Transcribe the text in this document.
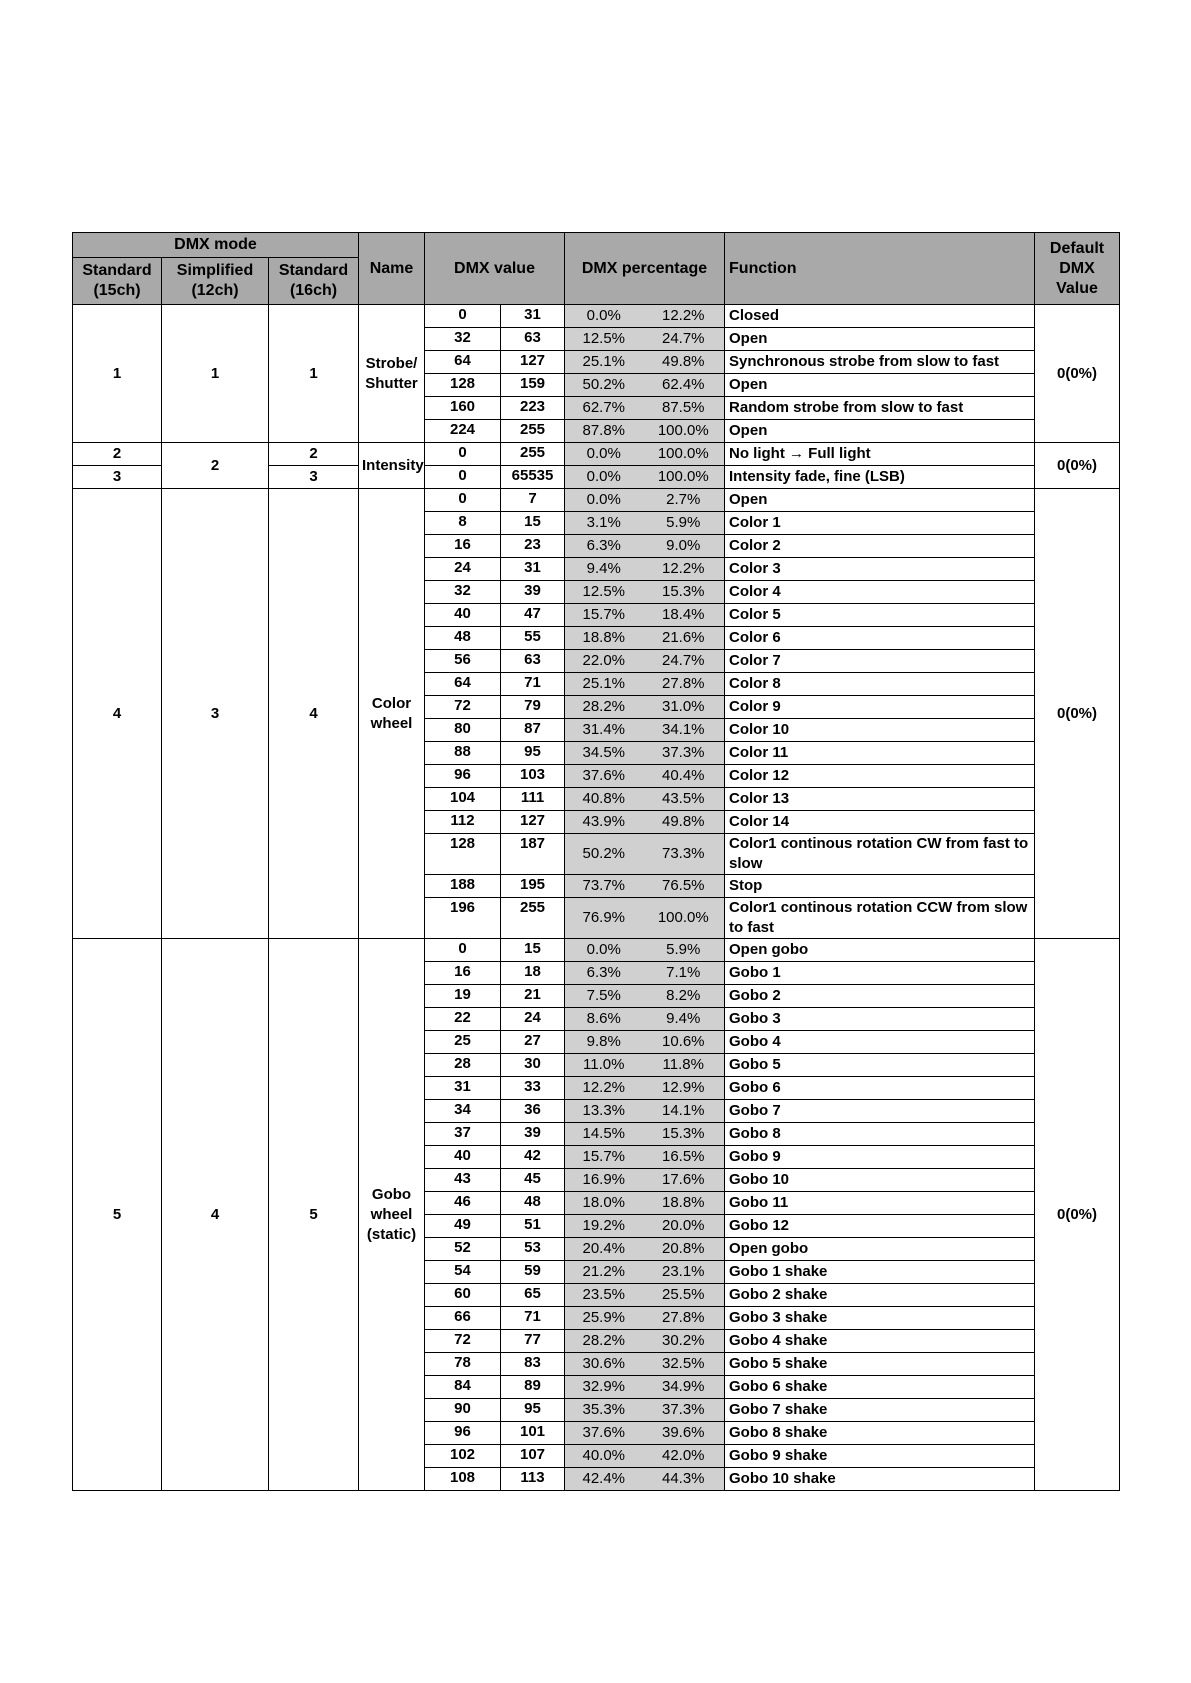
DMX mode			Name	DMX value		DMX percentage		Function	Default DMX Value
Standard (15ch)	Simplified (12ch)	Standard (16ch)							
1	1	1	Strobe/ Shutter	0	31	0.0%	12.2%	Closed	0(0%)
				32	63	12.5%	24.7%	Open	
				64	127	25.1%	49.8%	Synchronous strobe from slow to fast	
				128	159	50.2%	62.4%	Open	
				160	223	62.7%	87.5%	Random strobe from slow to fast	
				224	255	87.8%	100.0%	Open	
2	2	2	Intensity	0	255	0.0%	100.0%	No light → Full light	0(0%)
3		3		0	65535	0.0%	100.0%	Intensity fade, fine (LSB)	
4	3	4	Color wheel	0	7	0.0%	2.7%	Open	0(0%)
				8	15	3.1%	5.9%	Color 1	
				16	23	6.3%	9.0%	Color 2	
				24	31	9.4%	12.2%	Color 3	
				32	39	12.5%	15.3%	Color 4	
				40	47	15.7%	18.4%	Color 5	
				48	55	18.8%	21.6%	Color 6	
				56	63	22.0%	24.7%	Color 7	
				64	71	25.1%	27.8%	Color 8	
				72	79	28.2%	31.0%	Color 9	
				80	87	31.4%	34.1%	Color 10	
				88	95	34.5%	37.3%	Color 11	
				96	103	37.6%	40.4%	Color 12	
				104	111	40.8%	43.5%	Color 13	
				112	127	43.9%	49.8%	Color 14	
				128	187	50.2%	73.3%	Color1 continous rotation CW from fast to slow	
				188	195	73.7%	76.5%	Stop	
				196	255	76.9%	100.0%	Color1 continous rotation CCW from slow to fast	
5	4	5	Gobo wheel (static)	0	15	0.0%	5.9%	Open gobo	0(0%)
				16	18	6.3%	7.1%	Gobo 1	
				19	21	7.5%	8.2%	Gobo 2	
				22	24	8.6%	9.4%	Gobo 3	
				25	27	9.8%	10.6%	Gobo 4	
				28	30	11.0%	11.8%	Gobo 5	
				31	33	12.2%	12.9%	Gobo 6	
				34	36	13.3%	14.1%	Gobo 7	
				37	39	14.5%	15.3%	Gobo 8	
				40	42	15.7%	16.5%	Gobo 9	
				43	45	16.9%	17.6%	Gobo 10	
				46	48	18.0%	18.8%	Gobo 11	
				49	51	19.2%	20.0%	Gobo 12	
				52	53	20.4%	20.8%	Open gobo	
				54	59	21.2%	23.1%	Gobo 1 shake	
				60	65	23.5%	25.5%	Gobo 2 shake	
				66	71	25.9%	27.8%	Gobo 3 shake	
				72	77	28.2%	30.2%	Gobo 4 shake	
				78	83	30.6%	32.5%	Gobo 5 shake	
				84	89	32.9%	34.9%	Gobo 6 shake	
				90	95	35.3%	37.3%	Gobo 7 shake	
				96	101	37.6%	39.6%	Gobo 8 shake	
				102	107	40.0%	42.0%	Gobo 9 shake	
				108	113	42.4%	44.3%	Gobo 10 shake	
